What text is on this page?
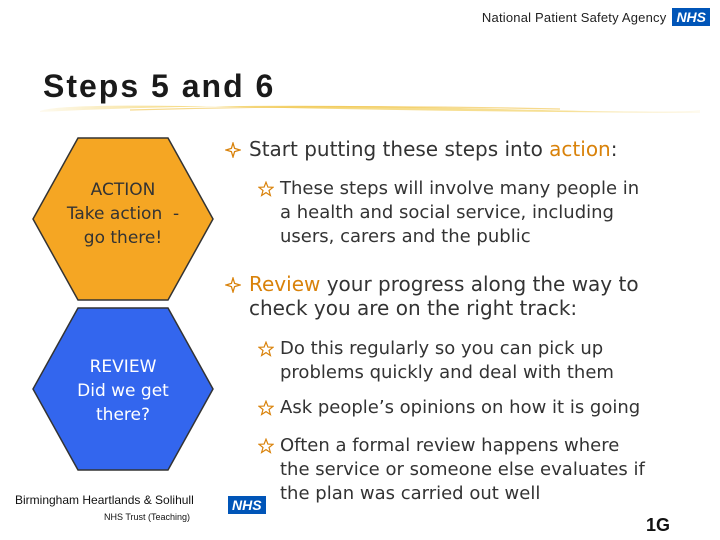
National Patient Safety Agency NHS
Steps 5 and 6
ACTION
Take action  -
go there!
REVIEW
Did we get
there?
Start putting these steps into action:
These steps will involve many people in
a health and social service, including
users, carers and the public
Review your progress along the way to
check you are on the right track:
Do this regularly so you can pick up
problems quickly and deal with them
Ask people’s opinions on how it is going
Often a formal review happens where
the service or someone else evaluates if
the plan was carried out well
Birmingham Heartlands & Solihull
NHS Trust (Teaching)
NHS
1G
